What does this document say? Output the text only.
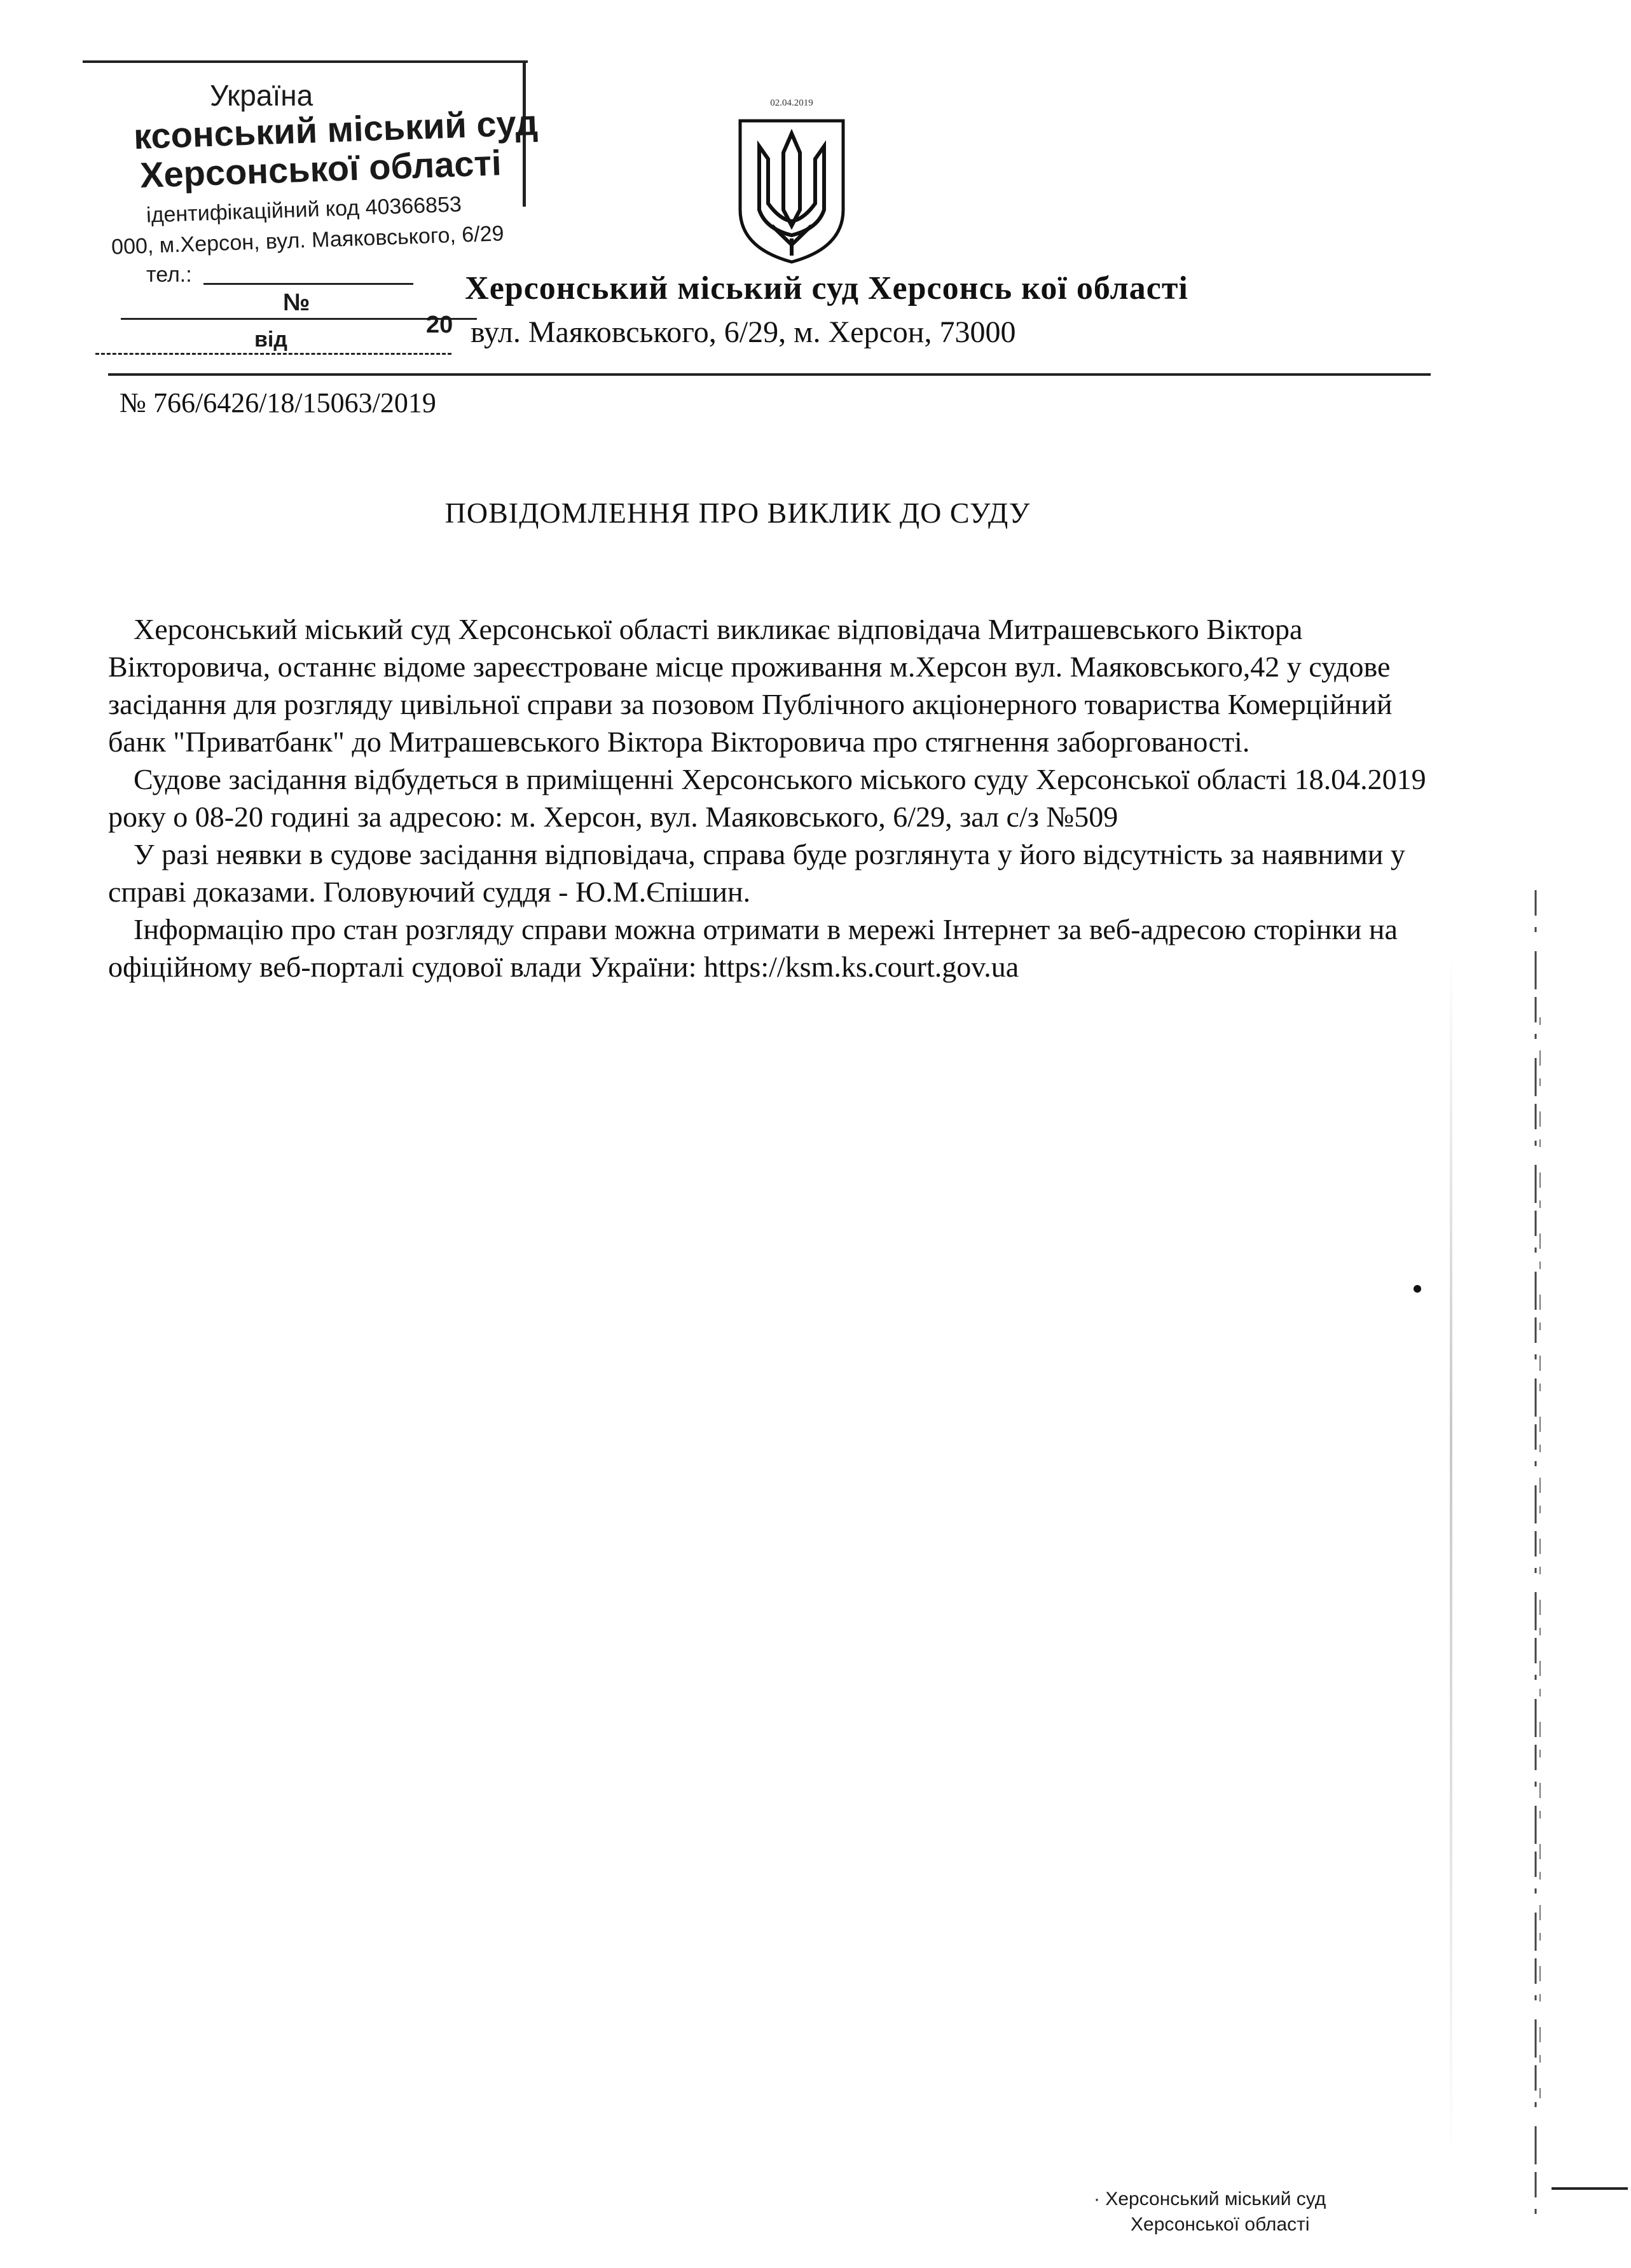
Україна
ксонський міський суд
Херсонської області
ідентифікаційний код 40366853
000, м.Херсон, вул. Маяковського, 6/29
тел.:
№
від
20
02.04.2019
Херсонський міський суд Херсонсь кої області
вул. Маяковського, 6/29, м. Херсон, 73000
№ 766/6426/18/15063/2019
ПОВІДОМЛЕННЯ ПРО ВИКЛИК ДО СУДУ

Херсонський міський суд Херсонської області викликає відповідача Митрашевського Віктора Вікторовича, останнє відоме зареєстроване місце проживання м.Херсон вул. Маяковського,42 у судове засідання для розгляду цивільної справи за позовом Публічного акціонерного товариства Комерційний банк "Приватбанк" до Митрашевського Віктора Вікторовича про стягнення заборгованості.

Судове засідання відбудеться в приміщенні Херсонського міського суду Херсонської області 18.04.2019 року о 08-20 годині за адресою: м. Херсон, вул. Маяковського, 6/29, зал с/з №509

У разі неявки в судове засідання відповідача, справа буде розглянута у його відсутність за наявними у справі доказами. Головуючий суддя - Ю.М.Єпішин.

Інформацію про стан розгляду справи можна отримати в мережі Інтернет за веб-адресою сторінки на офіційному веб-порталі судової влади України: https://ksm.ks.court.gov.ua

· Херсонський міський суд
Херсонської області
